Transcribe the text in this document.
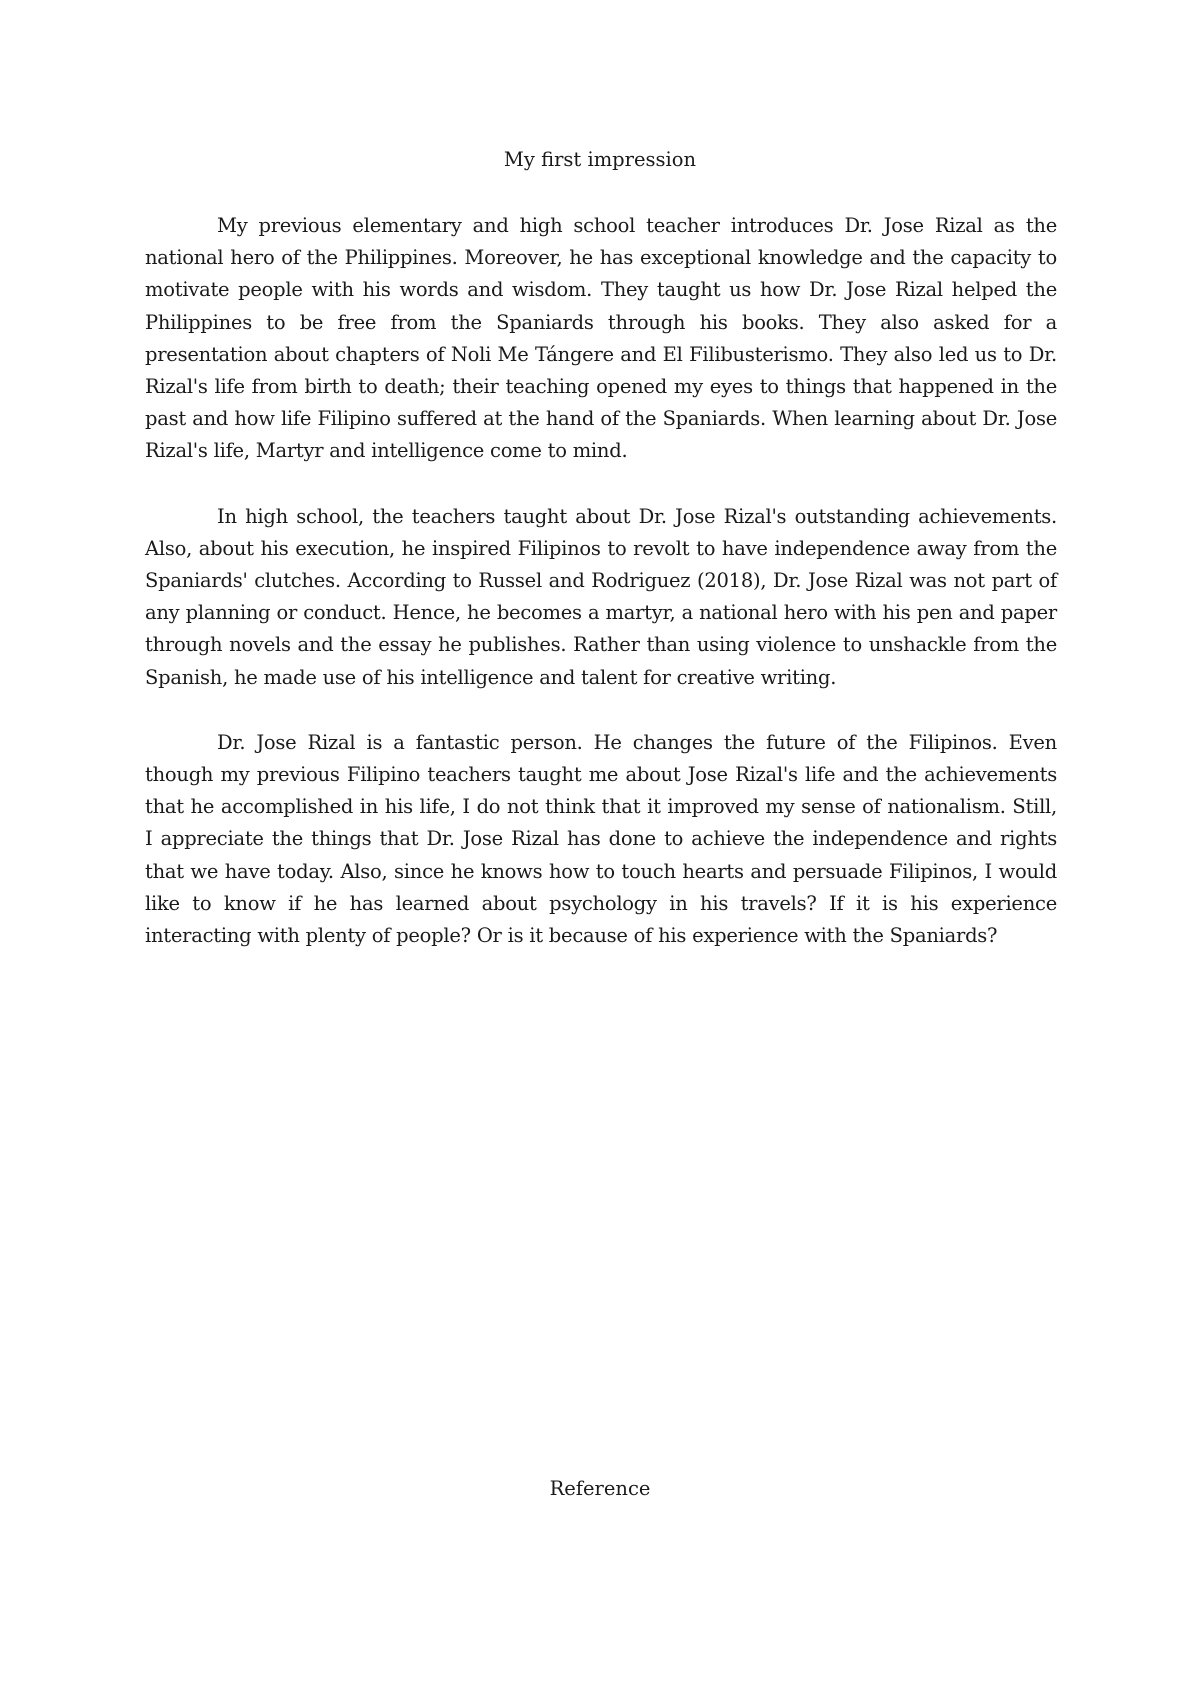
My first impression

My previous elementary and high school teacher introduces Dr. Jose Rizal as the national hero of the Philippines. Moreover, he has exceptional knowledge and the capacity to motivate people with his words and wisdom. They taught us how Dr. Jose Rizal helped the Philippines to be free from the Spaniards through his books. They also asked for a presentation about chapters of Noli Me Tángere and El Filibusterismo. They also led us to Dr. Rizal's life from birth to death; their teaching opened my eyes to things that happened in the past and how life Filipino suffered at the hand of the Spaniards. When learning about Dr. Jose Rizal's life, Martyr and intelligence come to mind.

In high school, the teachers taught about Dr. Jose Rizal's outstanding achievements. Also, about his execution, he inspired Filipinos to revolt to have independence away from the Spaniards' clutches. According to Russel and Rodriguez (2018), Dr. Jose Rizal was not part of any planning or conduct. Hence, he becomes a martyr, a national hero with his pen and paper through novels and the essay he publishes. Rather than using violence to unshackle from the Spanish, he made use of his intelligence and talent for creative writing.

Dr. Jose Rizal is a fantastic person. He changes the future of the Filipinos. Even though my previous Filipino teachers taught me about Jose Rizal's life and the achievements that he accomplished in his life, I do not think that it improved my sense of nationalism. Still, I appreciate the things that Dr. Jose Rizal has done to achieve the independence and rights that we have today. Also, since he knows how to touch hearts and persuade Filipinos, I would like to know if he has learned about psychology in his travels? If it is his experience interacting with plenty of people? Or is it because of his experience with the Spaniards?

Reference
